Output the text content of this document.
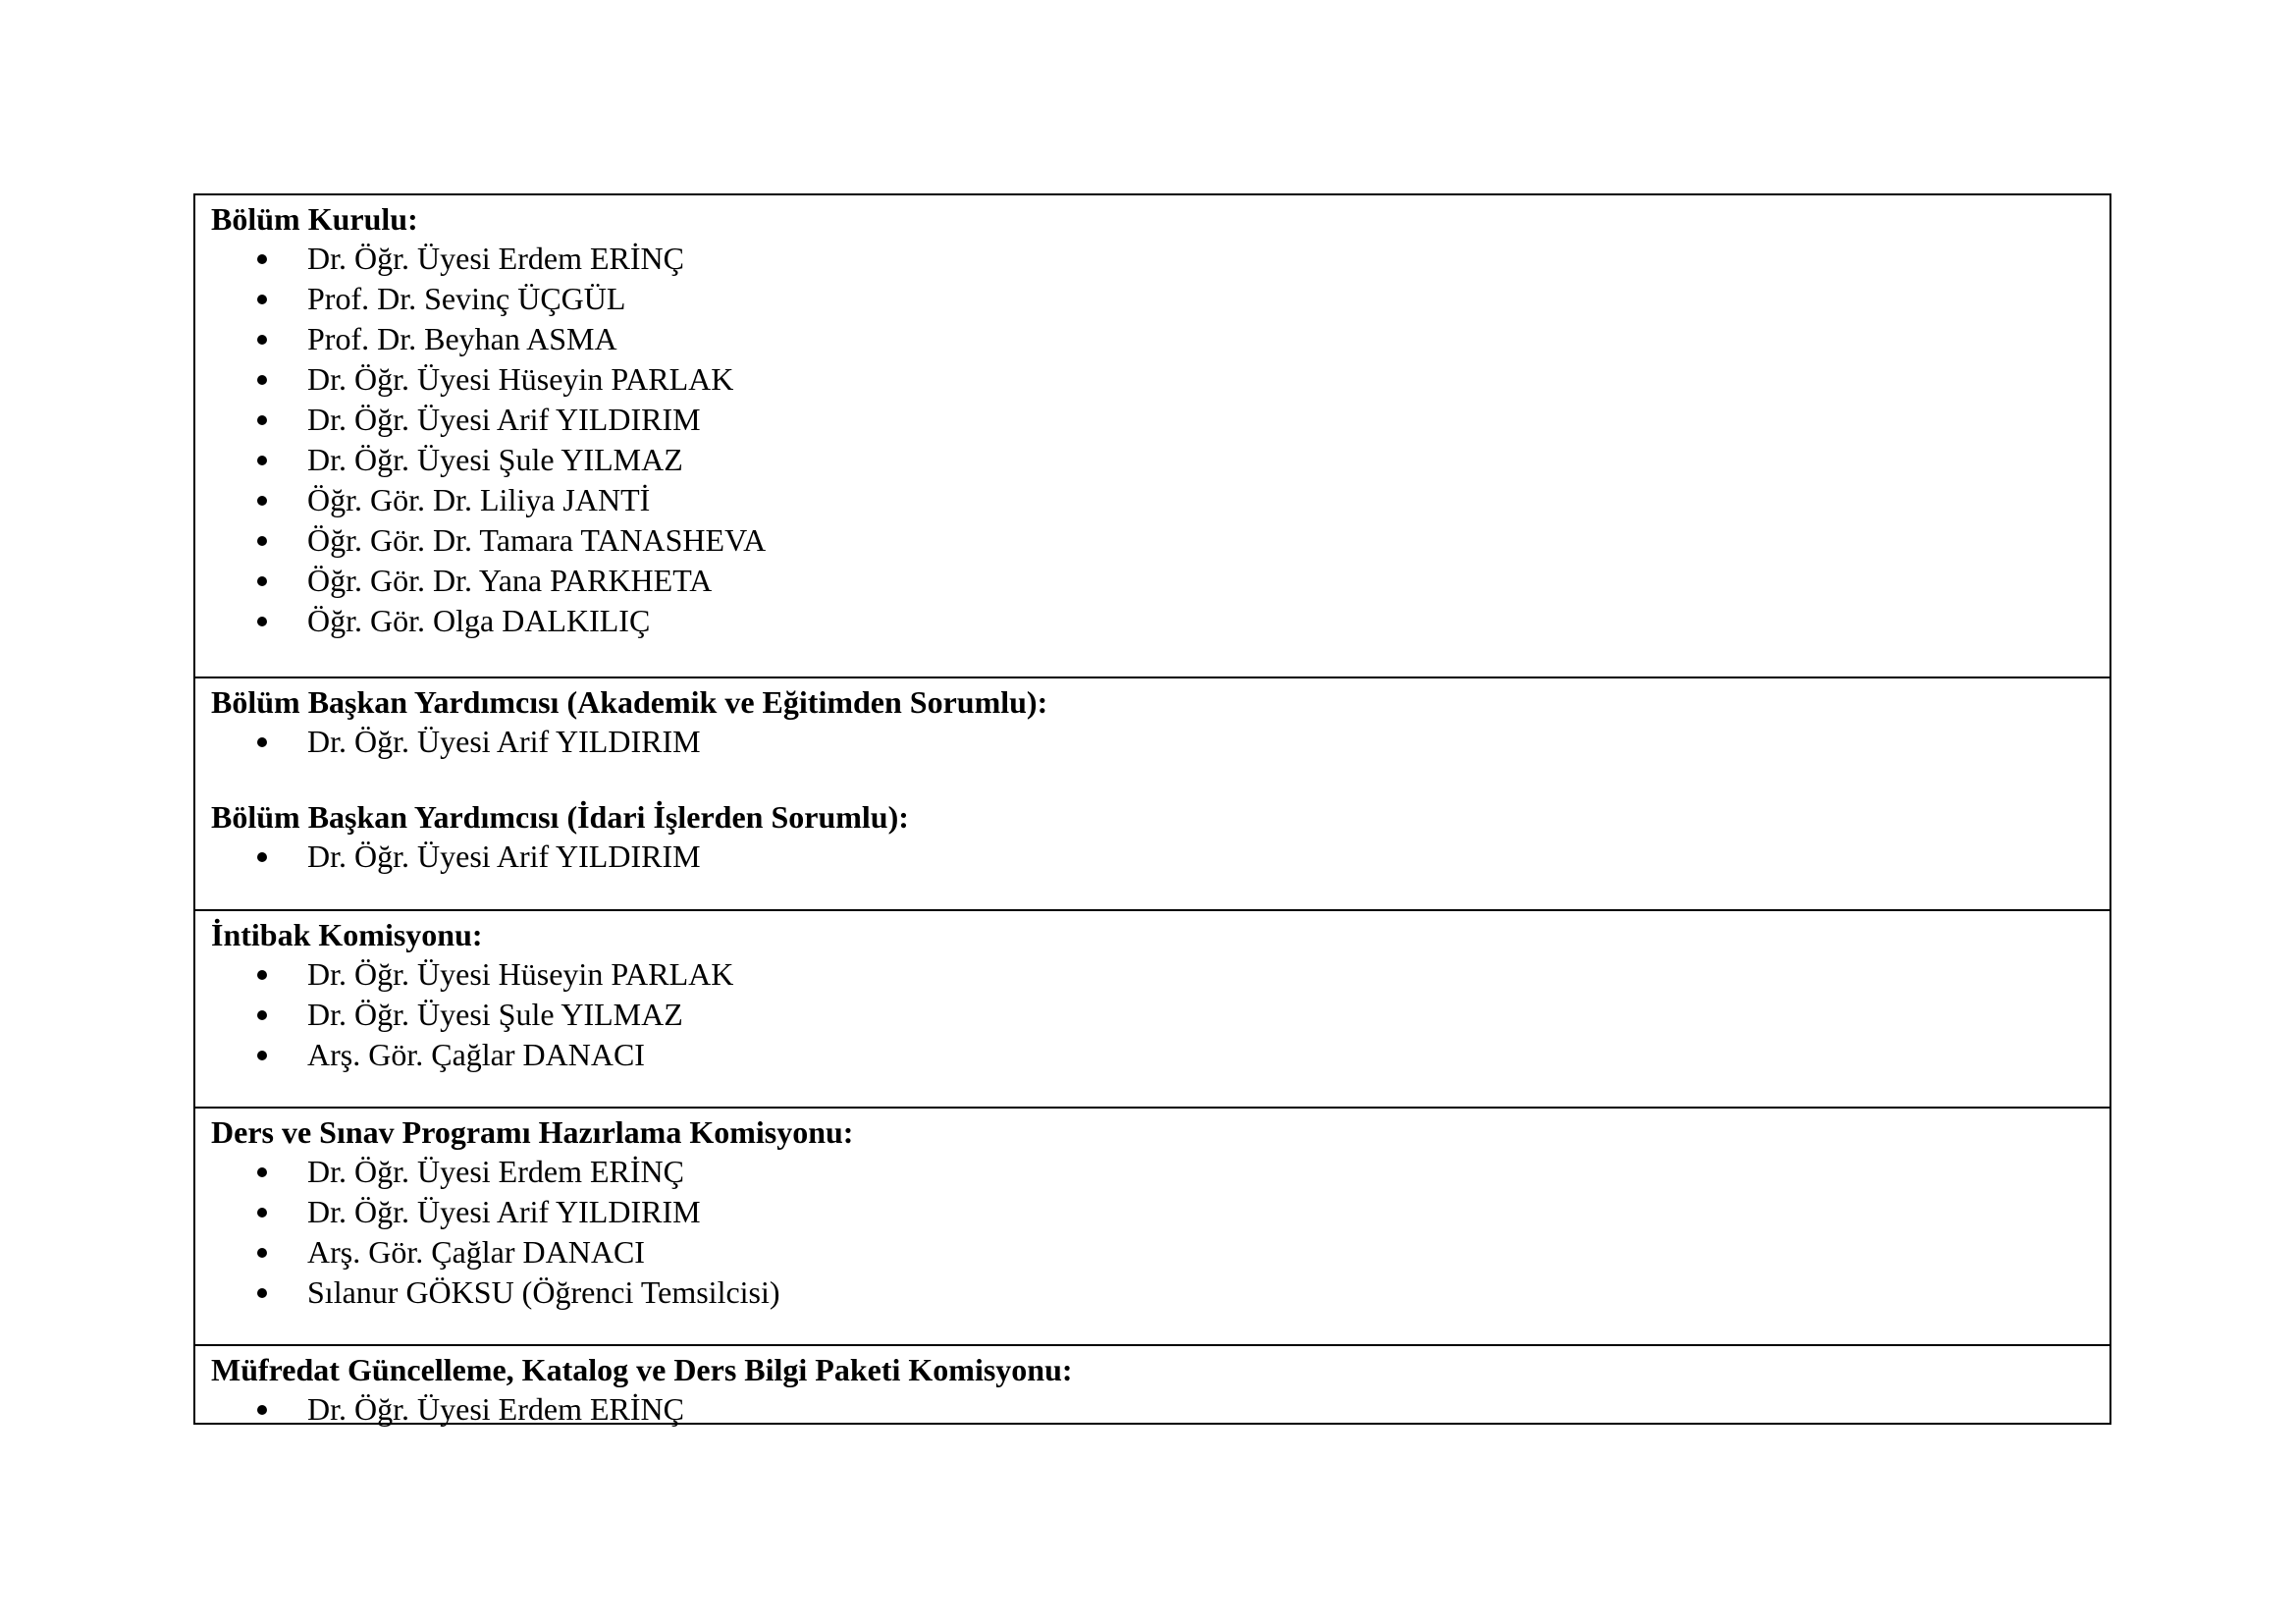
Bölüm Kurulu:

Dr. Öğr. Üyesi Erdem ERİNÇ
Prof. Dr. Sevinç ÜÇGÜL
Prof. Dr. Beyhan ASMA
Dr. Öğr. Üyesi Hüseyin PARLAK
Dr. Öğr. Üyesi Arif YILDIRIM
Dr. Öğr. Üyesi Şule YILMAZ
Öğr. Gör. Dr. Liliya JANTİ
Öğr. Gör. Dr. Tamara TANASHEVA
Öğr. Gör. Dr. Yana PARKHETA
Öğr. Gör. Olga DALKILIÇ

Bölüm Başkan Yardımcısı (Akademik ve Eğitimden Sorumlu):

Dr. Öğr. Üyesi Arif YILDIRIM

Bölüm Başkan Yardımcısı (İdari İşlerden Sorumlu):

Dr. Öğr. Üyesi Arif YILDIRIM

İntibak Komisyonu:

Dr. Öğr. Üyesi Hüseyin PARLAK
Dr. Öğr. Üyesi Şule YILMAZ
Arş. Gör. Çağlar DANACI

Ders ve Sınav Programı Hazırlama Komisyonu:

Dr. Öğr. Üyesi Erdem ERİNÇ
Dr. Öğr. Üyesi Arif YILDIRIM
Arş. Gör. Çağlar DANACI
Sılanur GÖKSU (Öğrenci Temsilcisi)

Müfredat Güncelleme, Katalog ve Ders Bilgi Paketi Komisyonu:

Dr. Öğr. Üyesi Erdem ERİNÇ
